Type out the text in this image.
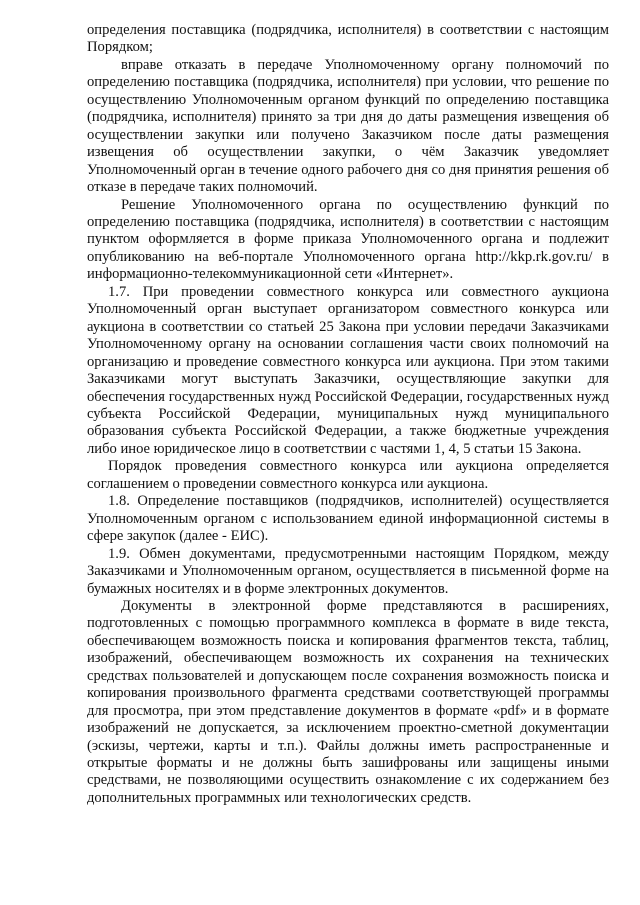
определения поставщика (подрядчика, исполнителя) в соответствии с настоящим Порядком;

вправе отказать в передаче Уполномоченному органу полномочий по определению поставщика (подрядчика, исполнителя) при условии, что решение по осуществлению Уполномоченным органом функций по определению поставщика (подрядчика, исполнителя) принято за три дня до даты размещения извещения об осуществлении закупки или получено Заказчиком после даты размещения извещения об осуществлении закупки, о чём Заказчик уведомляет Уполномоченный орган в течение одного рабочего дня со дня принятия решения об отказе в передаче таких полномочий.

Решение Уполномоченного органа по осуществлению функций по определению поставщика (подрядчика, исполнителя) в соответствии с настоящим пунктом оформляется в форме приказа Уполномоченного органа и подлежит опубликованию на веб-портале Уполномоченного органа http://kkp.rk.gov.ru/ в информационно-телекоммуникационной сети «Интернет».

1.7. При проведении совместного конкурса или совместного аукциона Уполномоченный орган выступает организатором совместного конкурса или аукциона в соответствии со статьей 25 Закона при условии передачи Заказчиками Уполномоченному органу на основании соглашения части своих полномочий на организацию и проведение совместного конкурса или аукциона. При этом такими Заказчиками могут выступать Заказчики, осуществляющие закупки для обеспечения государственных нужд Российской Федерации, государственных нужд субъекта Российской Федерации, муниципальных нужд муниципального образования субъекта Российской Федерации, а также бюджетные учреждения либо иное юридическое лицо в соответствии с частями 1, 4, 5 статьи 15 Закона.

Порядок проведения совместного конкурса или аукциона определяется соглашением о проведении совместного конкурса или аукциона.

1.8. Определение поставщиков (подрядчиков, исполнителей) осуществляется Уполномоченным органом с использованием единой информационной системы в сфере закупок (далее - ЕИС).

1.9. Обмен документами, предусмотренными настоящим Порядком, между Заказчиками и Уполномоченным органом, осуществляется в письменной форме на бумажных носителях и в форме электронных документов.

Документы в электронной форме представляются в расширениях, подготовленных с помощью программного комплекса в формате в виде текста, обеспечивающем возможность поиска и копирования фрагментов текста, таблиц, изображений, обеспечивающем возможность их сохранения на технических средствах пользователей и допускающем после сохранения возможность поиска и копирования произвольного фрагмента средствами соответствующей программы для просмотра, при этом представление документов в формате «pdf» и в формате изображений не допускается, за исключением проектно-сметной документации (эскизы, чертежи, карты и т.п.). Файлы должны иметь распространенные и открытые форматы и не должны быть зашифрованы или защищены иными средствами, не позволяющими осуществить ознакомление с их содержанием без дополнительных программных или технологических средств.
